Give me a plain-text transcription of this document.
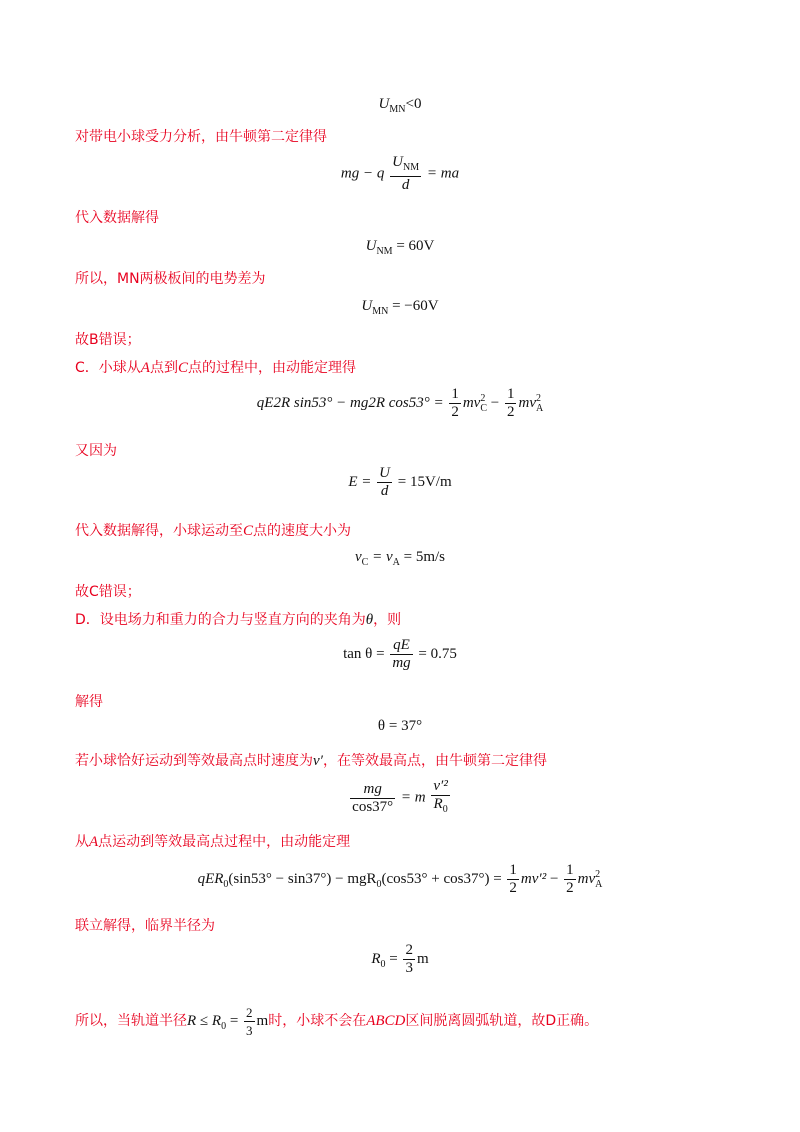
$U_{MN}<0$
对带电小球受力分析，由牛顿第二定律得
mg − q $\frac{U_{NM}}{d}$ = ma
代入数据解得
$U_{NM} = 60V$
所以，MN两极板间的电势差为
$U_{MN} = -60V$
故B错误；
C．小球从A点到C点的过程中，由动能定理得
qE2R sin53° − mg2R $\cos 53^\circ = \frac{1}{2} mv^2_C - \frac{1}{2} mv^2_A$
又因为
$E = \frac{U}{d} = 15V/m$
代入数据解得，小球运动至C点的速度大小为
$v_C = v_A = 5m/s$
故C错误；
D．设电场力和重力的合力与竖直方向的夹角为θ，则
$\tan \theta = \frac{qE}{mg} = 0.75$
解得
θ = 37°
若小球恰好运动到等效最高点时速度为v′，在等效最高点，由牛顿第二定律得
$\frac{mg}{\cos 37^\circ} = m \frac{\text{v′²}}{R_0}$
从A点运动到等效最高点过程中，由动能定理
$qER_0(\sin 53^\circ - \sin 37^\circ) - mgR_0(\cos 53^\circ + \cos 37^\circ) = \frac{1}{2} mv'^2 - \frac{1}{2} mv^2_A$
联立解得，临界半径为
$R_0 = \frac{2}{3}$ m
所以，当轨道半径$R \le R_0 = \frac{2}{3}$ m时，小球不会在ABCD区间脱离圆弧轨道，故D正确。
